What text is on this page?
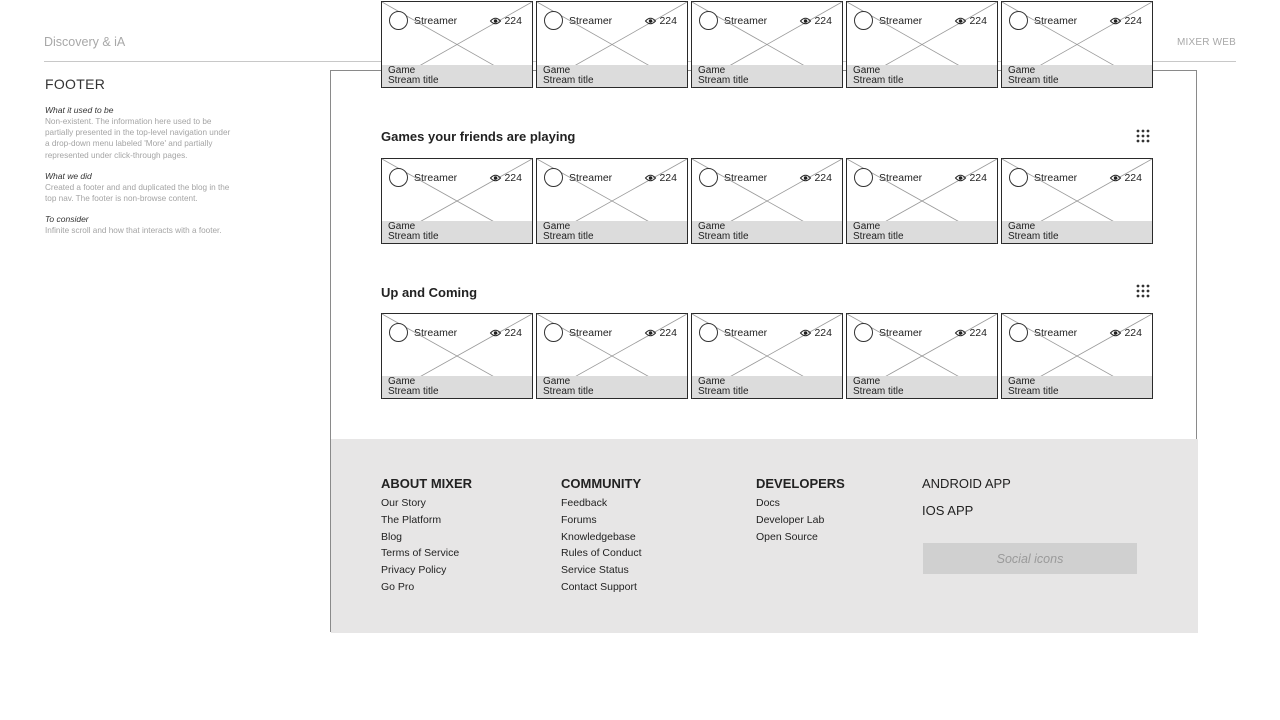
Discovery & iA	MIXER WEB
FOOTER
What it used to be
Non-existent. The information here used to be partially presented in the top-level navigation under a drop-down menu labeled 'More' and partially represented under click-through pages.
What we did
Created a footer and and duplicated the blog in the top nav. The footer is non-browse content.
To consider
Infinite scroll and how that interacts with a footer.
Streamer	224
Game
Stream title
Streamer	224
Game
Stream title
Streamer	224
Game
Stream title
Streamer	224
Game
Stream title
Streamer	224
Game
Stream title
Games your friends are playing
Streamer	224
Game
Stream title
Streamer	224
Game
Stream title
Streamer	224
Game
Stream title
Streamer	224
Game
Stream title
Streamer	224
Game
Stream title
Up and Coming
Streamer	224
Game
Stream title
Streamer	224
Game
Stream title
Streamer	224
Game
Stream title
Streamer	224
Game
Stream title
Streamer	224
Game
Stream title
ABOUT MIXER
Our Story
The Platform
Blog
Terms of Service
Privacy Policy
Go Pro
COMMUNITY
Feedback
Forums
Knowledgebase
Rules of Conduct
Service Status
Contact Support
DEVELOPERS
Docs
Developer Lab
Open Source
ANDROID APP
IOS APP
Social icons
